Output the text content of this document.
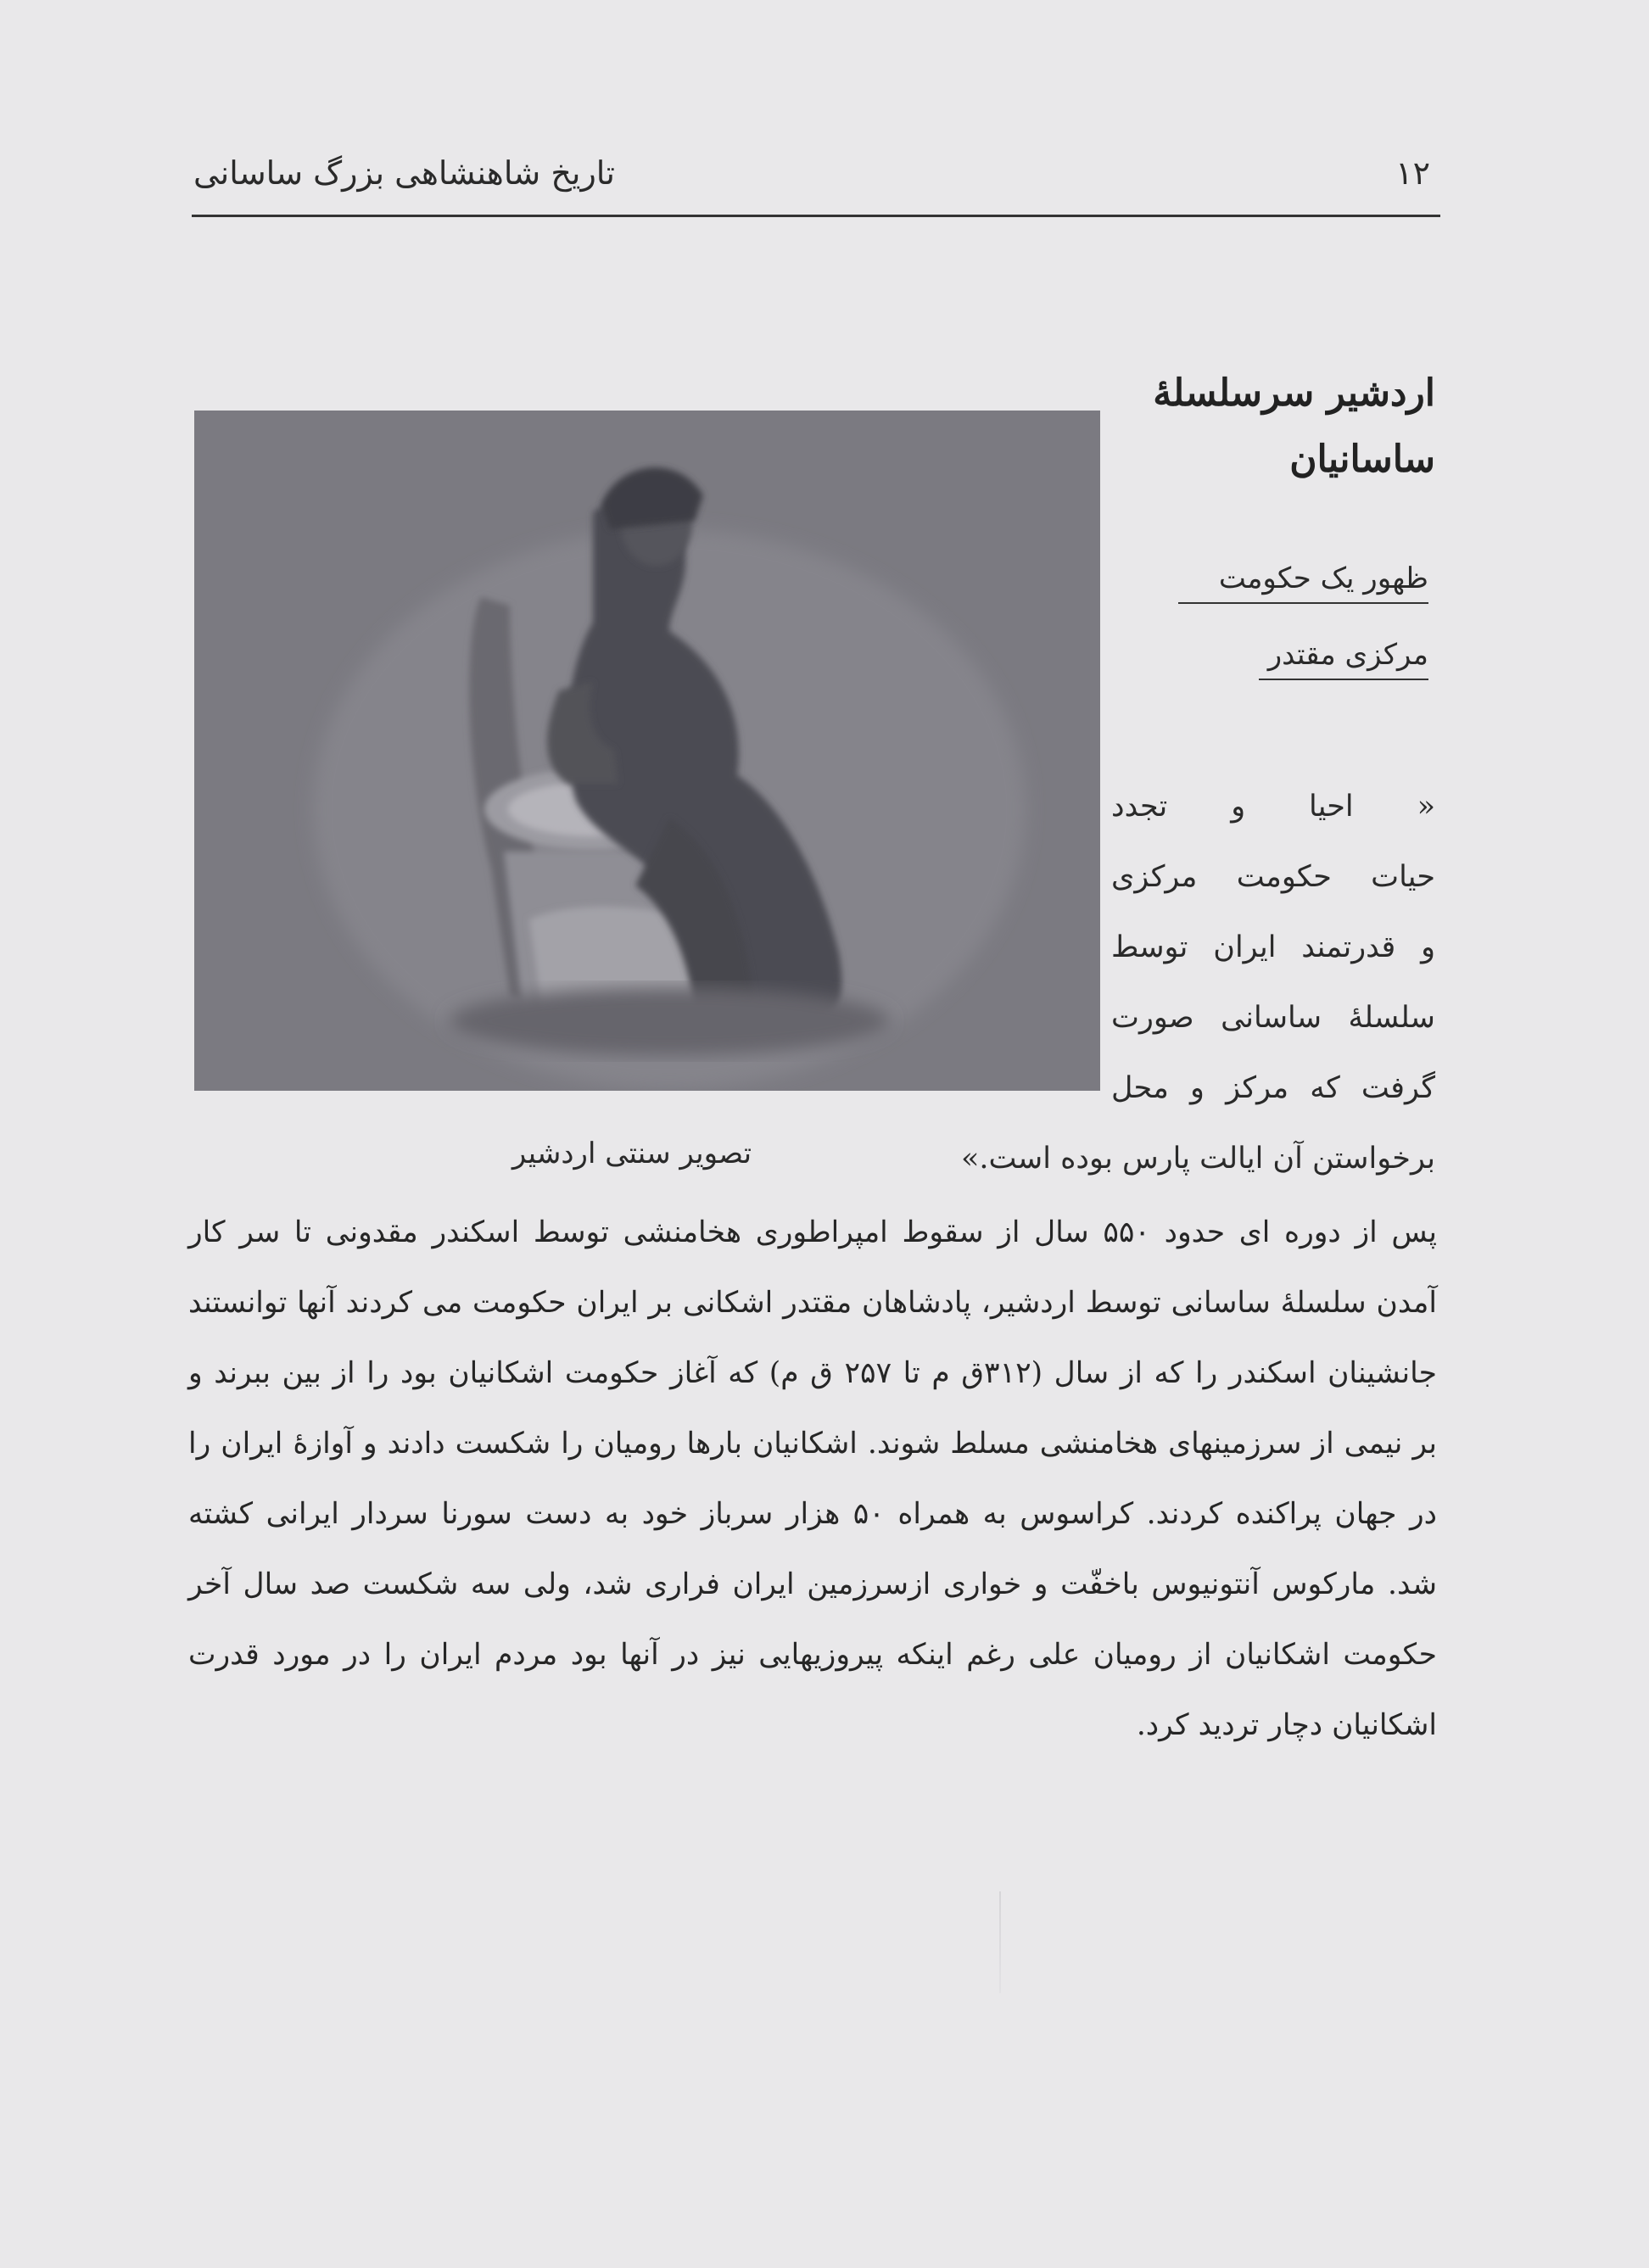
تاریخ شاهنشاهی بزرگ ساسانی	۱۲
اردشیر سرسلسلهٔ
ساسانیان
ظهور یک حکومت
مرکزی مقتدر
« احیا و تجدد
حیات حکومت مرکزی
و قدرتمند ایران توسط
سلسلهٔ ساسانی صورت
گرفت که مرکز و محل
برخواستن آن ایالت پارس بوده است.»
تصویر سنتی اردشیر
پس از دوره ای حدود ۵۵۰ سال از سقوط امپراطوری هخامنشی توسط اسکندر مقدونی تا سر کار
آمدن سلسلهٔ ساسانی توسط اردشیر، پادشاهان مقتدر اشکانی بر ایران حکومت می کردند آنها توانستند
جانشینان اسکندر را که از سال (۳۱۲ق م تا ۲۵۷ ق م) که آغاز حکومت اشکانیان بود را از بین ببرند و
بر نیمی از سرزمینهای هخامنشی مسلط شوند. اشکانیان بارها رومیان را شکست دادند و آوازهٔ ایران را
در جهان پراکنده کردند. کراسوس به همراه ۵۰ هزار سرباز خود به دست سورنا سردار ایرانی کشته
شد. مارکوس آنتونیوس باخفّت و خواری ازسرزمین ایران فراری شد، ولی سه شکست صد سال آخر
حکومت اشکانیان از رومیان علی رغم اینکه پیروزیهایی نیز در آنها بود مردم ایران را در مورد قدرت
اشکانیان دچار تردید کرد.
